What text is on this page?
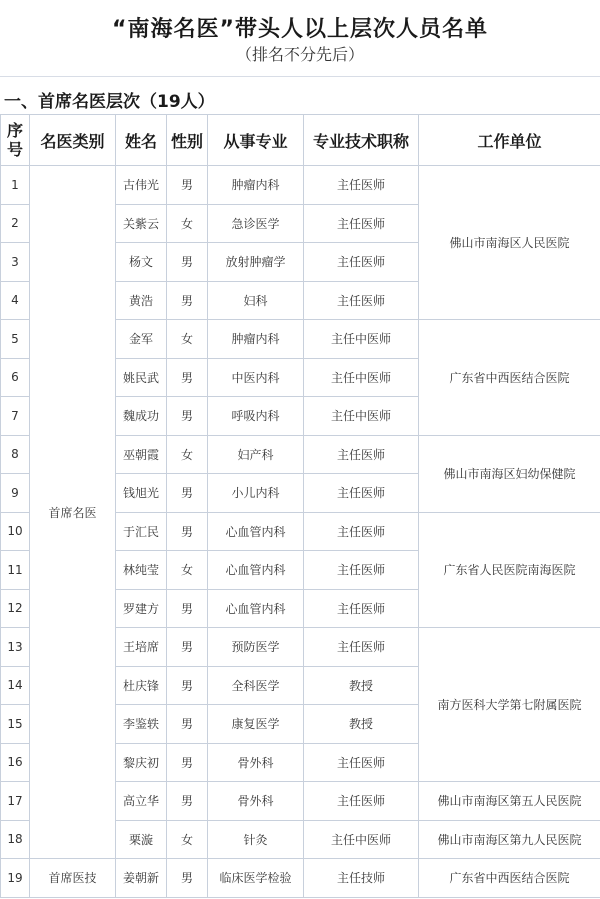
“南海名医”带头人以上层次人员名单
（排名不分先后）
一、首席名医层次（19人）
序号	名医类别	姓名	性别	从事专业	专业技术职称	工作单位
1	首席名医	古伟光	男	肿瘤内科	主任医师	佛山市南海区人民医院
2		关紫云	女	急诊医学	主任医师	
3		杨文	男	放射肿瘤学	主任医师	
4		黄浩	男	妇科	主任医师	
5		金军	女	肿瘤内科	主任中医师	广东省中西医结合医院
6		姚民武	男	中医内科	主任中医师	
7		魏成功	男	呼吸内科	主任中医师	
8		巫朝霞	女	妇产科	主任医师	佛山市南海区妇幼保健院
9		钱旭光	男	小儿内科	主任医师	
10		于汇民	男	心血管内科	主任医师	广东省人民医院南海医院
11		林纯莹	女	心血管内科	主任医师	
12		罗建方	男	心血管内科	主任医师	
13		王培席	男	预防医学	主任医师	南方医科大学第七附属医院
14		杜庆锋	男	全科医学	教授	
15		李鉴轶	男	康复医学	教授	
16		黎庆初	男	骨外科	主任医师	
17		高立华	男	骨外科	主任医师	佛山市南海区第五人民医院
18		栗漩	女	针灸	主任中医师	佛山市南海区第九人民医院
19	首席医技	姜朝新	男	临床医学检验	主任技师	广东省中西医结合医院
